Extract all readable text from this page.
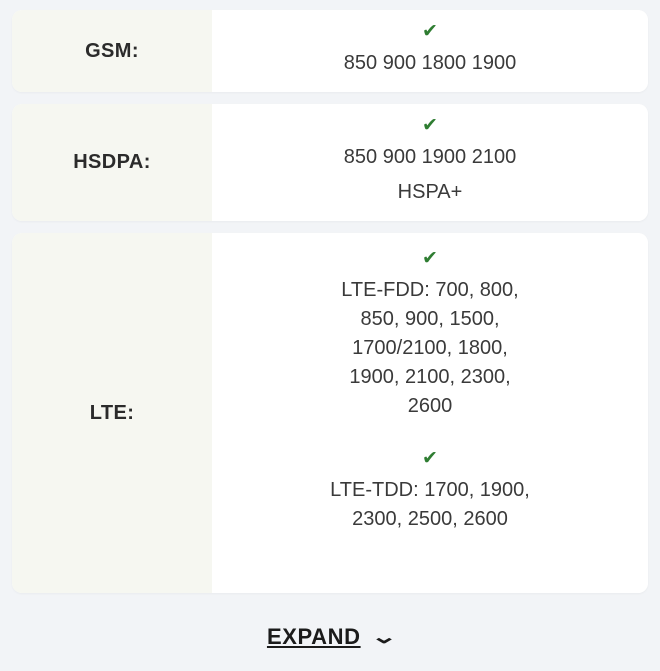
GSM:
✔
850 900 1800 1900
HSDPA:
✔
850 900 1900 2100
HSPA+
LTE:
✔
LTE-FDD: 700, 800, 850, 900, 1500, 1700/2100, 1800, 1900, 2100, 2300, 2600
✔
LTE-TDD: 1700, 1900, 2300, 2500, 2600
EXPAND ⌄
